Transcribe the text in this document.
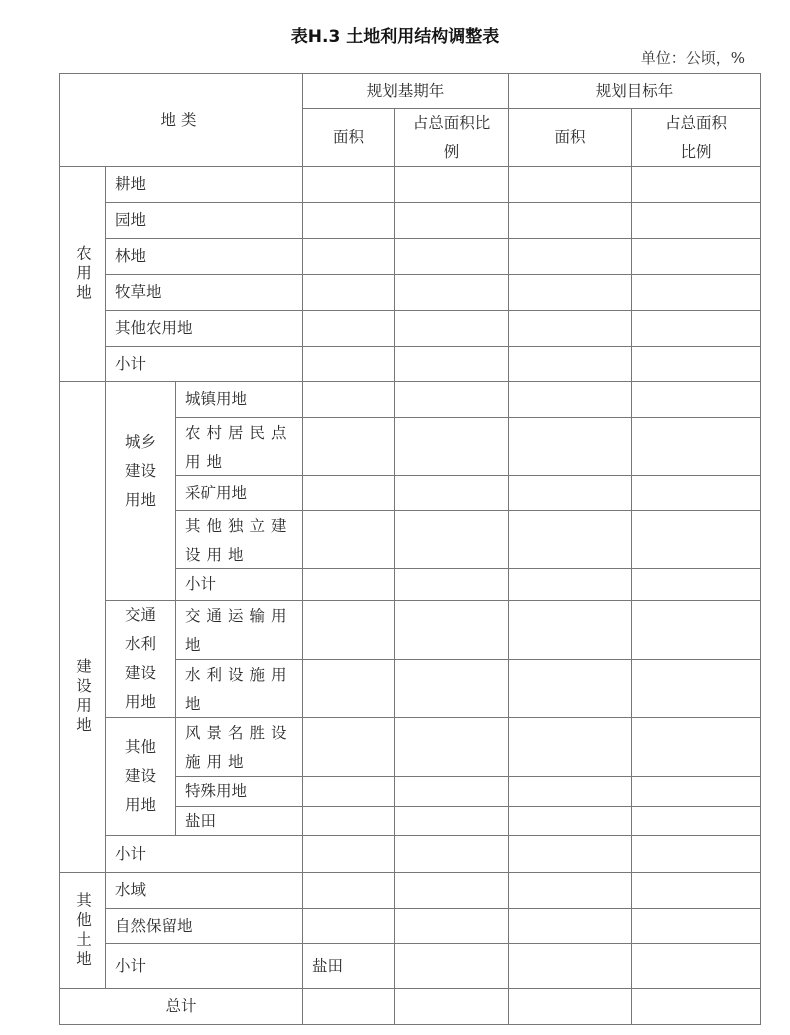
表H.3 土地利用结构调整表
单位：公顷，%
地类
规划基期年	规划目标年
面积
占总面积比例
面积
占总面积比例
农用地
建设用地
其他土地
城乡建设用地
交通水利建设用地
其他建设用地
耕地
园地
林地
牧草地
其他农用地
小计
城镇用地
农村居民点用地
采矿用地
其他独立建设用地
小计
交通运输用地
水利设施用地
风景名胜设施用地
特殊用地
盐田
小计
水域
自然保留地
小计
总计
盐田
